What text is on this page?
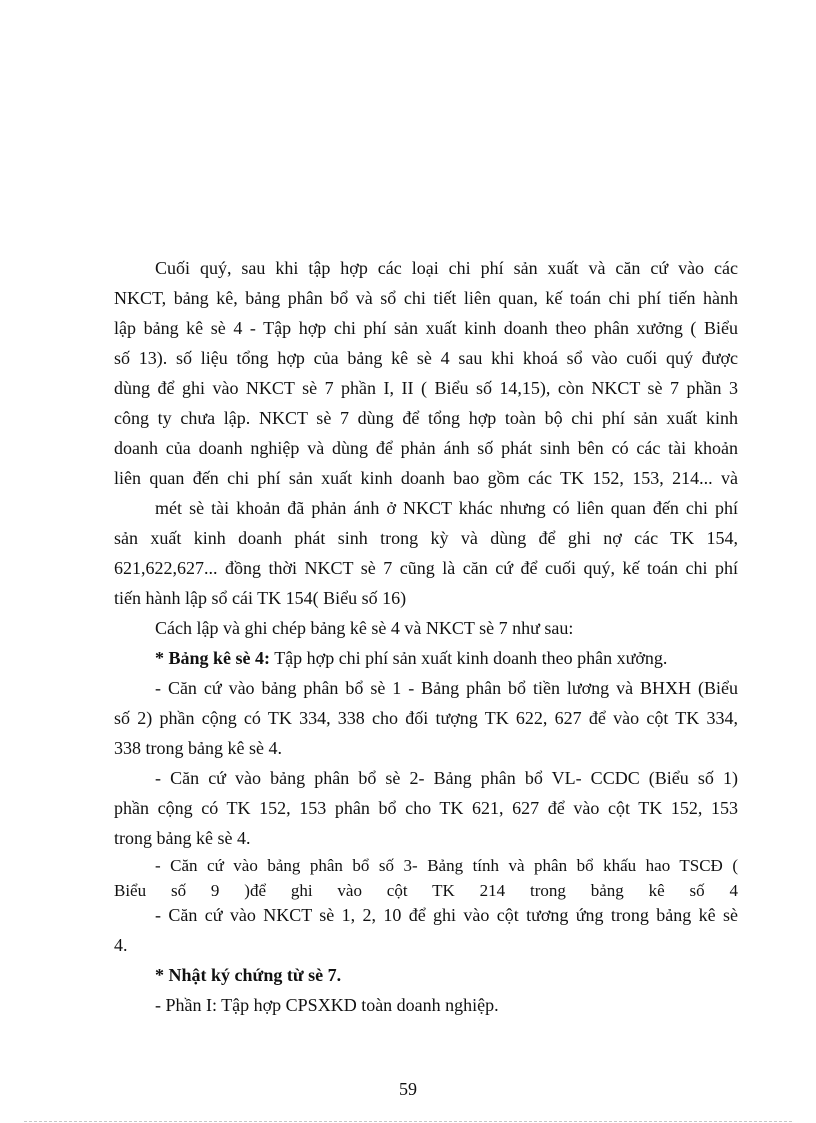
Cuối quý, sau khi tập hợp các loại chi phí sản xuất và căn cứ vào các
NKCT, bảng kê, bảng phân bổ và sổ chi tiết liên quan, kế toán chi phí tiến hành
lập bảng kê sè 4 - Tập hợp chi phí sản xuất kinh doanh theo phân xưởng ( Biểu
số 13). số liệu tổng hợp của bảng kê sè 4 sau khi khoá sổ vào cuối quý được
dùng để ghi vào NKCT sè 7 phần I, II ( Biểu số 14,15), còn NKCT sè 7 phần 3
công ty chưa lập. NKCT sè 7 dùng để tổng hợp toàn bộ chi phí sản xuất kinh
doanh của doanh nghiệp và dùng để phản ánh số phát sinh bên có các tài khoản
liên quan đến chi phí sản xuất kinh doanh bao gồm các TK 152, 153, 214... và
mét sè tài khoản đã phản ánh ở NKCT khác nhưng có liên quan đến chi phí
sản xuất kinh doanh phát sinh trong kỳ và dùng để ghi nợ các TK 154,
621,622,627... đồng thời NKCT sè 7 cũng là căn cứ để cuối quý, kế toán chi phí
tiến hành lập sổ cái TK 154( Biểu số 16)
Cách lập và ghi chép bảng kê sè 4 và NKCT sè 7 như sau:
* Bảng kê sè 4: Tập hợp chi phí sản xuất kinh doanh theo phân xưởng.
- Căn cứ vào bảng phân bổ sè 1 - Bảng phân bổ tiền lương và BHXH (Biểu
số 2) phần cộng có TK 334, 338 cho đối tượng TK 622, 627 để vào cột TK 334,
338 trong bảng kê sè 4.
- Căn cứ vào bảng phân bổ sè 2- Bảng phân bổ VL- CCDC (Biểu số 1)
phần cộng có TK 152, 153 phân bổ cho TK 621, 627 để vào cột TK 152, 153
trong bảng kê sè 4.
- Căn cứ vào bảng phân bổ số 3- Bảng tính và phân bổ khấu hao TSCĐ (
Biểu số 9 )để ghi vào cột TK 214 trong bảng kê số 4
- Căn cứ vào NKCT sè 1, 2, 10 để ghi vào cột tương ứng trong bảng kê sè
4.
* Nhật ký chứng từ sè 7.
- Phần I: Tập hợp CPSXKD toàn doanh nghiệp.
59
